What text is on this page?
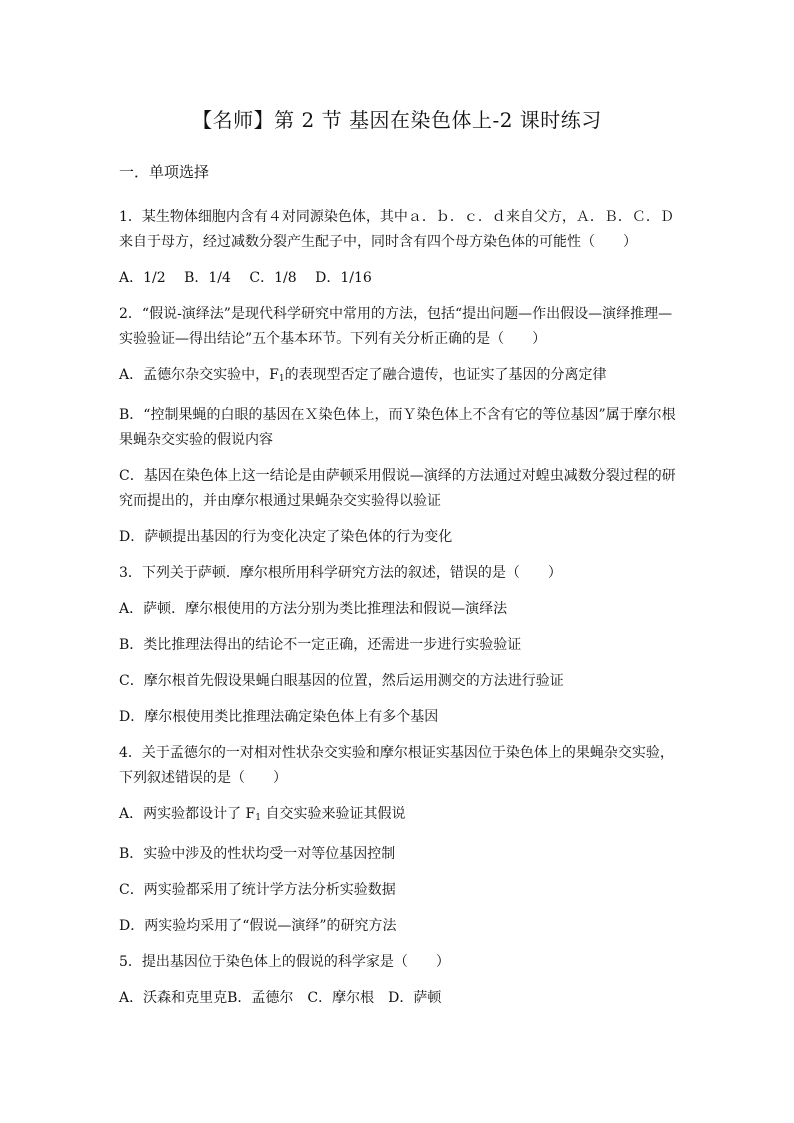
【名师】第 2 节 基因在染色体上-2 课时练习
一．单项选择

1．某生物体细胞内含有４对同源染色体，其中ａ．ｂ．ｃ．ｄ来自父方，Ａ．Ｂ．Ｃ．Ｄ来自于母方，经过减数分裂产生配子中，同时含有四个母方染色体的可能性（　　）

A．1/2 B．1/4 C．1/8 D．1/16

2．“假说-演绎法”是现代科学研究中常用的方法，包括“提出问题—作出假设—演绎推理—实验验证—得出结论”五个基本环节。下列有关分析正确的是（　　）

A．孟德尔杂交实验中，$F_1$的表现型否定了融合遗传，也证实了基因的分离定律

B．“控制果蝇的白眼的基因在Ｘ染色体上，而Ｙ染色体上不含有它的等位基因”属于摩尔根果蝇杂交实验的假说内容

C．基因在染色体上这一结论是由萨顿采用假说—演绎的方法通过对蝗虫减数分裂过程的研究而提出的，并由摩尔根通过果蝇杂交实验得以验证

D．萨顿提出基因的行为变化决定了染色体的行为变化

3．下列关于萨顿．摩尔根所用科学研究方法的叙述，错误的是（　　）

A．萨顿．摩尔根使用的方法分别为类比推理法和假说—演绎法

B．类比推理法得出的结论不一定正确，还需进一步进行实验验证

C．摩尔根首先假设果蝇白眼基因的位置，然后运用测交的方法进行验证

D．摩尔根使用类比推理法确定染色体上有多个基因

4．关于孟德尔的一对相对性状杂交实验和摩尔根证实基因位于染色体上的果蝇杂交实验，下列叙述错误的是（　　）

A．两实验都设计了 $F_1$ 自交实验来验证其假说

B．实验中涉及的性状均受一对等位基因控制

C．两实验都采用了统计学方法分析实验数据

D．两实验均采用了“假说—演绎”的研究方法

5．提出基因位于染色体上的假说的科学家是（　　）

A．沃森和克里克B．孟德尔　C．摩尔根　D．萨顿
